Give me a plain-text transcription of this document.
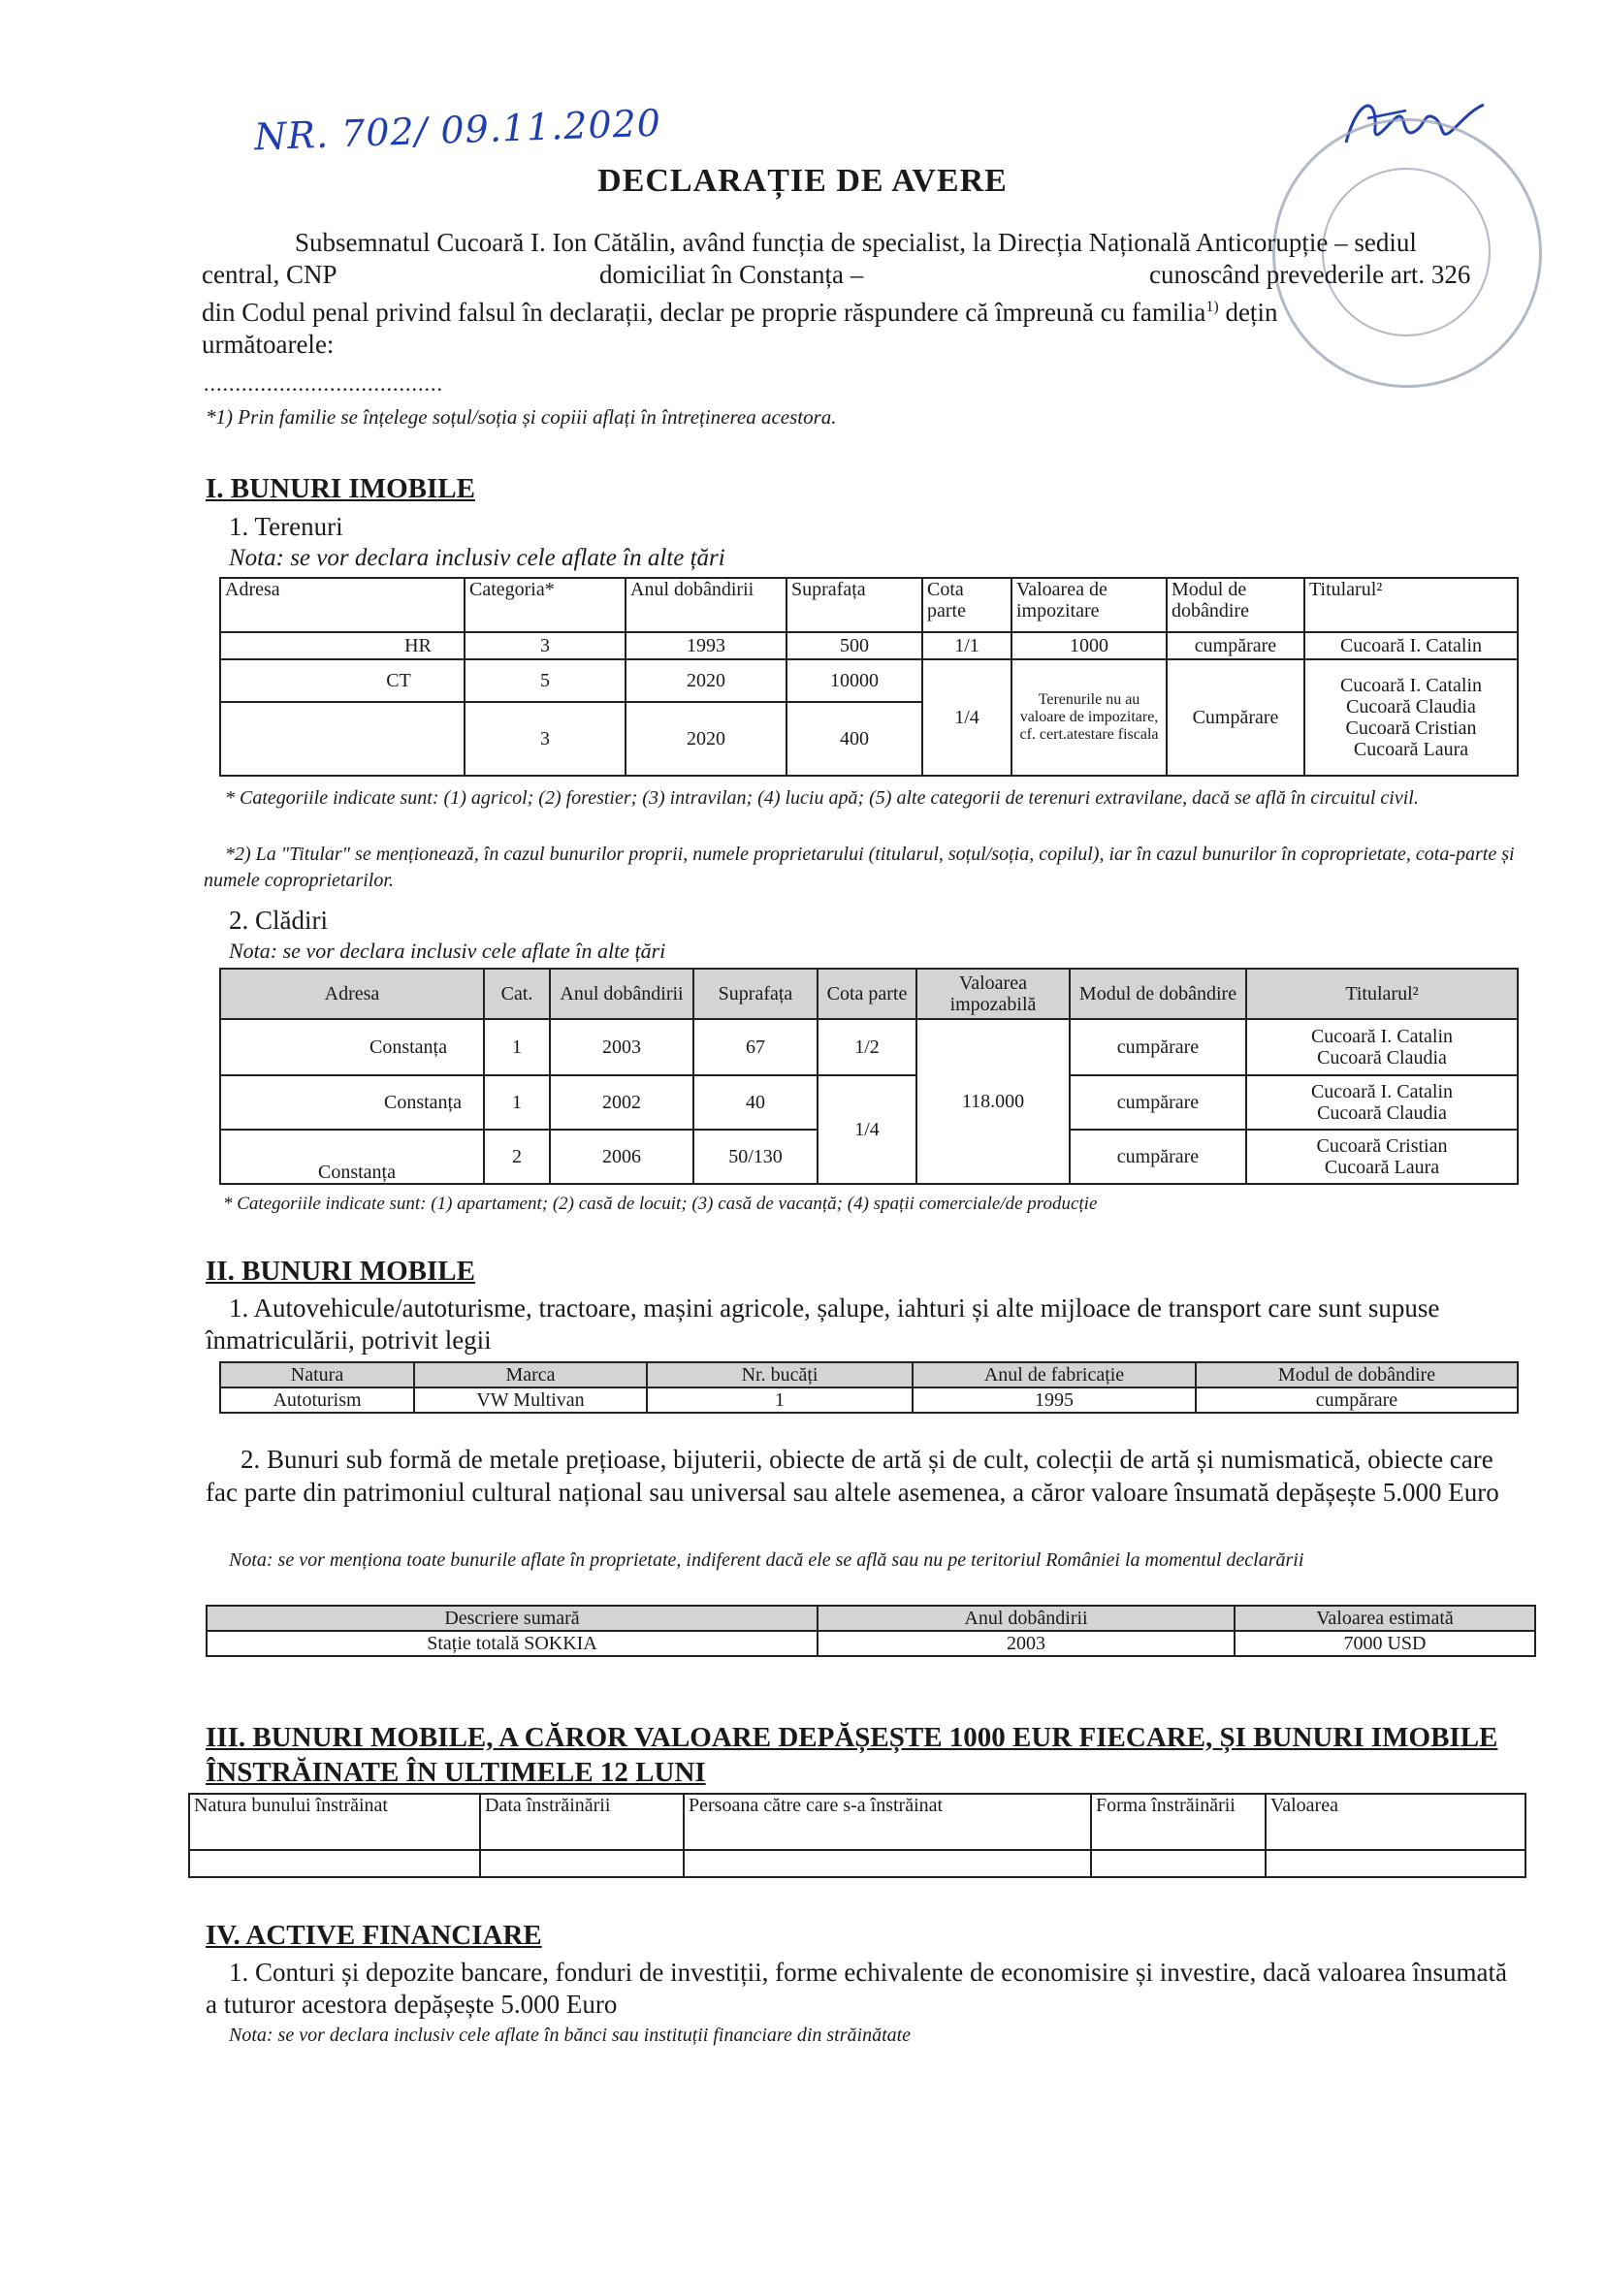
NR. 702/ 09.11.2020
DECLARAȚIE DE AVERE
Subsemnatul Cucoară I. Ion Cătălin, având funcția de specialist, la Direcția Națională Anticorupție – sediul
central, CNP	domiciliat în Constanța –	cunoscând prevederile art. 326
din Codul penal privind falsul în declarații, declar pe proprie răspundere că împreună cu familia$^{1)}$ dețin
următoarele:
......................................
*1) Prin familie se înțelege soțul/soția și copiii aflați în întreținerea acestora.
I. BUNURI IMOBILE
1. Terenuri
Nota: se vor declara inclusiv cele aflate în alte țări
Adresa	Categoria*	Anul dobândirii	Suprafața	Cota parte	Valoarea de impozitare	Modul de dobândire	Titularul²
HR	3	1993	500	1/1	1000	cumpărare	Cucoară I. Catalin
CT	5	2020	10000	1/4	Terenurile nu au valoare de impozitare, cf. cert.atestare fiscala	Cumpărare	Cucoară I. Catalin
Cucoară Claudia
Cucoară Cristian
Cucoară Laura

	3	2020	400				
* Categoriile indicate sunt: (1) agricol; (2) forestier; (3) intravilan; (4) luciu apă; (5) alte categorii de terenuri extravilane, dacă se află în circuitul civil.
*2) La "Titular" se menționează, în cazul bunurilor proprii, numele proprietarului (titularul, soțul/soția, copilul), iar în cazul bunurilor în coproprietate, cota-parte și numele coproprietarilor.
2. Clădiri
Nota: se vor declara inclusiv cele aflate în alte țări
Adresa	Cat.	Anul dobândirii	Suprafața	Cota parte	Valoarea impozabilă	Modul de dobândire	Titularul²
Constanța	1	2003	67	1/2	118.000	cumpărare	Cucoară I. Catalin
Cucoară Claudia

Constanța	1	2002	40	1/4		cumpărare	Cucoară I. Catalin
Cucoară Claudia

Constanța	2	2006	50/130			cumpărare	Cucoară Cristian
Cucoară Laura
* Categoriile indicate sunt: (1) apartament; (2) casă de locuit; (3) casă de vacanță; (4) spații comerciale/de producție
II. BUNURI MOBILE
1. Autovehicule/autoturisme, tractoare, mașini agricole, șalupe, iahturi și alte mijloace de transport care sunt supuse înmatriculării, potrivit legii
Natura	Marca	Nr. bucăți	Anul de fabricație	Modul de dobândire
Autoturism	VW Multivan	1	1995	cumpărare
2. Bunuri sub formă de metale prețioase, bijuterii, obiecte de artă și de cult, colecții de artă și numismatică, obiecte care fac parte din patrimoniul cultural național sau universal sau altele asemenea, a căror valoare însumată depășește 5.000 Euro
Nota: se vor menționa toate bunurile aflate în proprietate, indiferent dacă ele se află sau nu pe teritoriul României la momentul declarării
Descriere sumară	Anul dobândirii	Valoarea estimată
Stație totală SOKKIA	2003	7000 USD
III. BUNURI MOBILE, A CĂROR VALOARE DEPĂȘEȘTE 1000 EUR FIECARE, ȘI BUNURI IMOBILE
ÎNSTRĂINATE ÎN ULTIMELE 12 LUNI
Natura bunului înstrăinat	Data înstrăinării	Persoana către care s-a înstrăinat	Forma înstrăinării	Valoarea

IV. ACTIVE FINANCIARE
1. Conturi și depozite bancare, fonduri de investiții, forme echivalente de economisire și investire, dacă valoarea însumată a tuturor acestora depășește 5.000 Euro
Nota: se vor declara inclusiv cele aflate în bănci sau instituții financiare din străinătate
